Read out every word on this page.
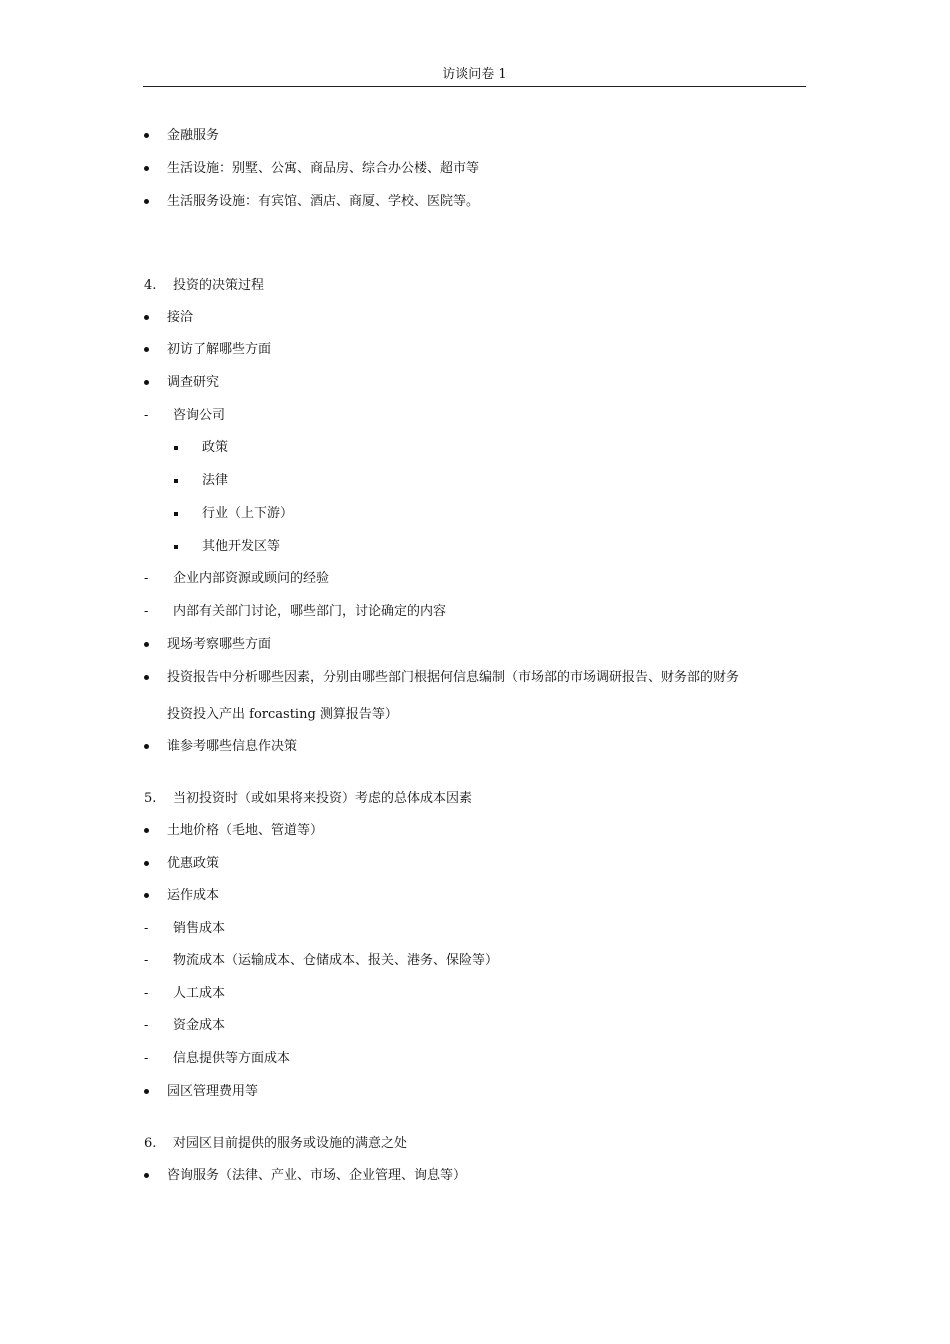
访谈问卷 1
金融服务
生活设施：别墅、公寓、商品房、综合办公楼、超市等
生活服务设施：有宾馆、酒店、商厦、学校、医院等。
4. 投资的决策过程
接洽
初访了解哪些方面
调查研究
- 咨询公司
政策
法律
行业（上下游）
其他开发区等
- 企业内部资源或顾问的经验
- 内部有关部门讨论，哪些部门，讨论确定的内容
现场考察哪些方面
投资报告中分析哪些因素，分别由哪些部门根据何信息编制（市场部的市场调研报告、财务部的财务
投资投入产出 forcasting 测算报告等）
谁参考哪些信息作决策
5. 当初投资时（或如果将来投资）考虑的总体成本因素
土地价格（毛地、管道等）
优惠政策
运作成本
- 销售成本
- 物流成本（运输成本、仓储成本、报关、港务、保险等）
- 人工成本
- 资金成本
- 信息提供等方面成本
园区管理费用等
6. 对园区目前提供的服务或设施的满意之处
咨询服务（法律、产业、市场、企业管理、询息等）
